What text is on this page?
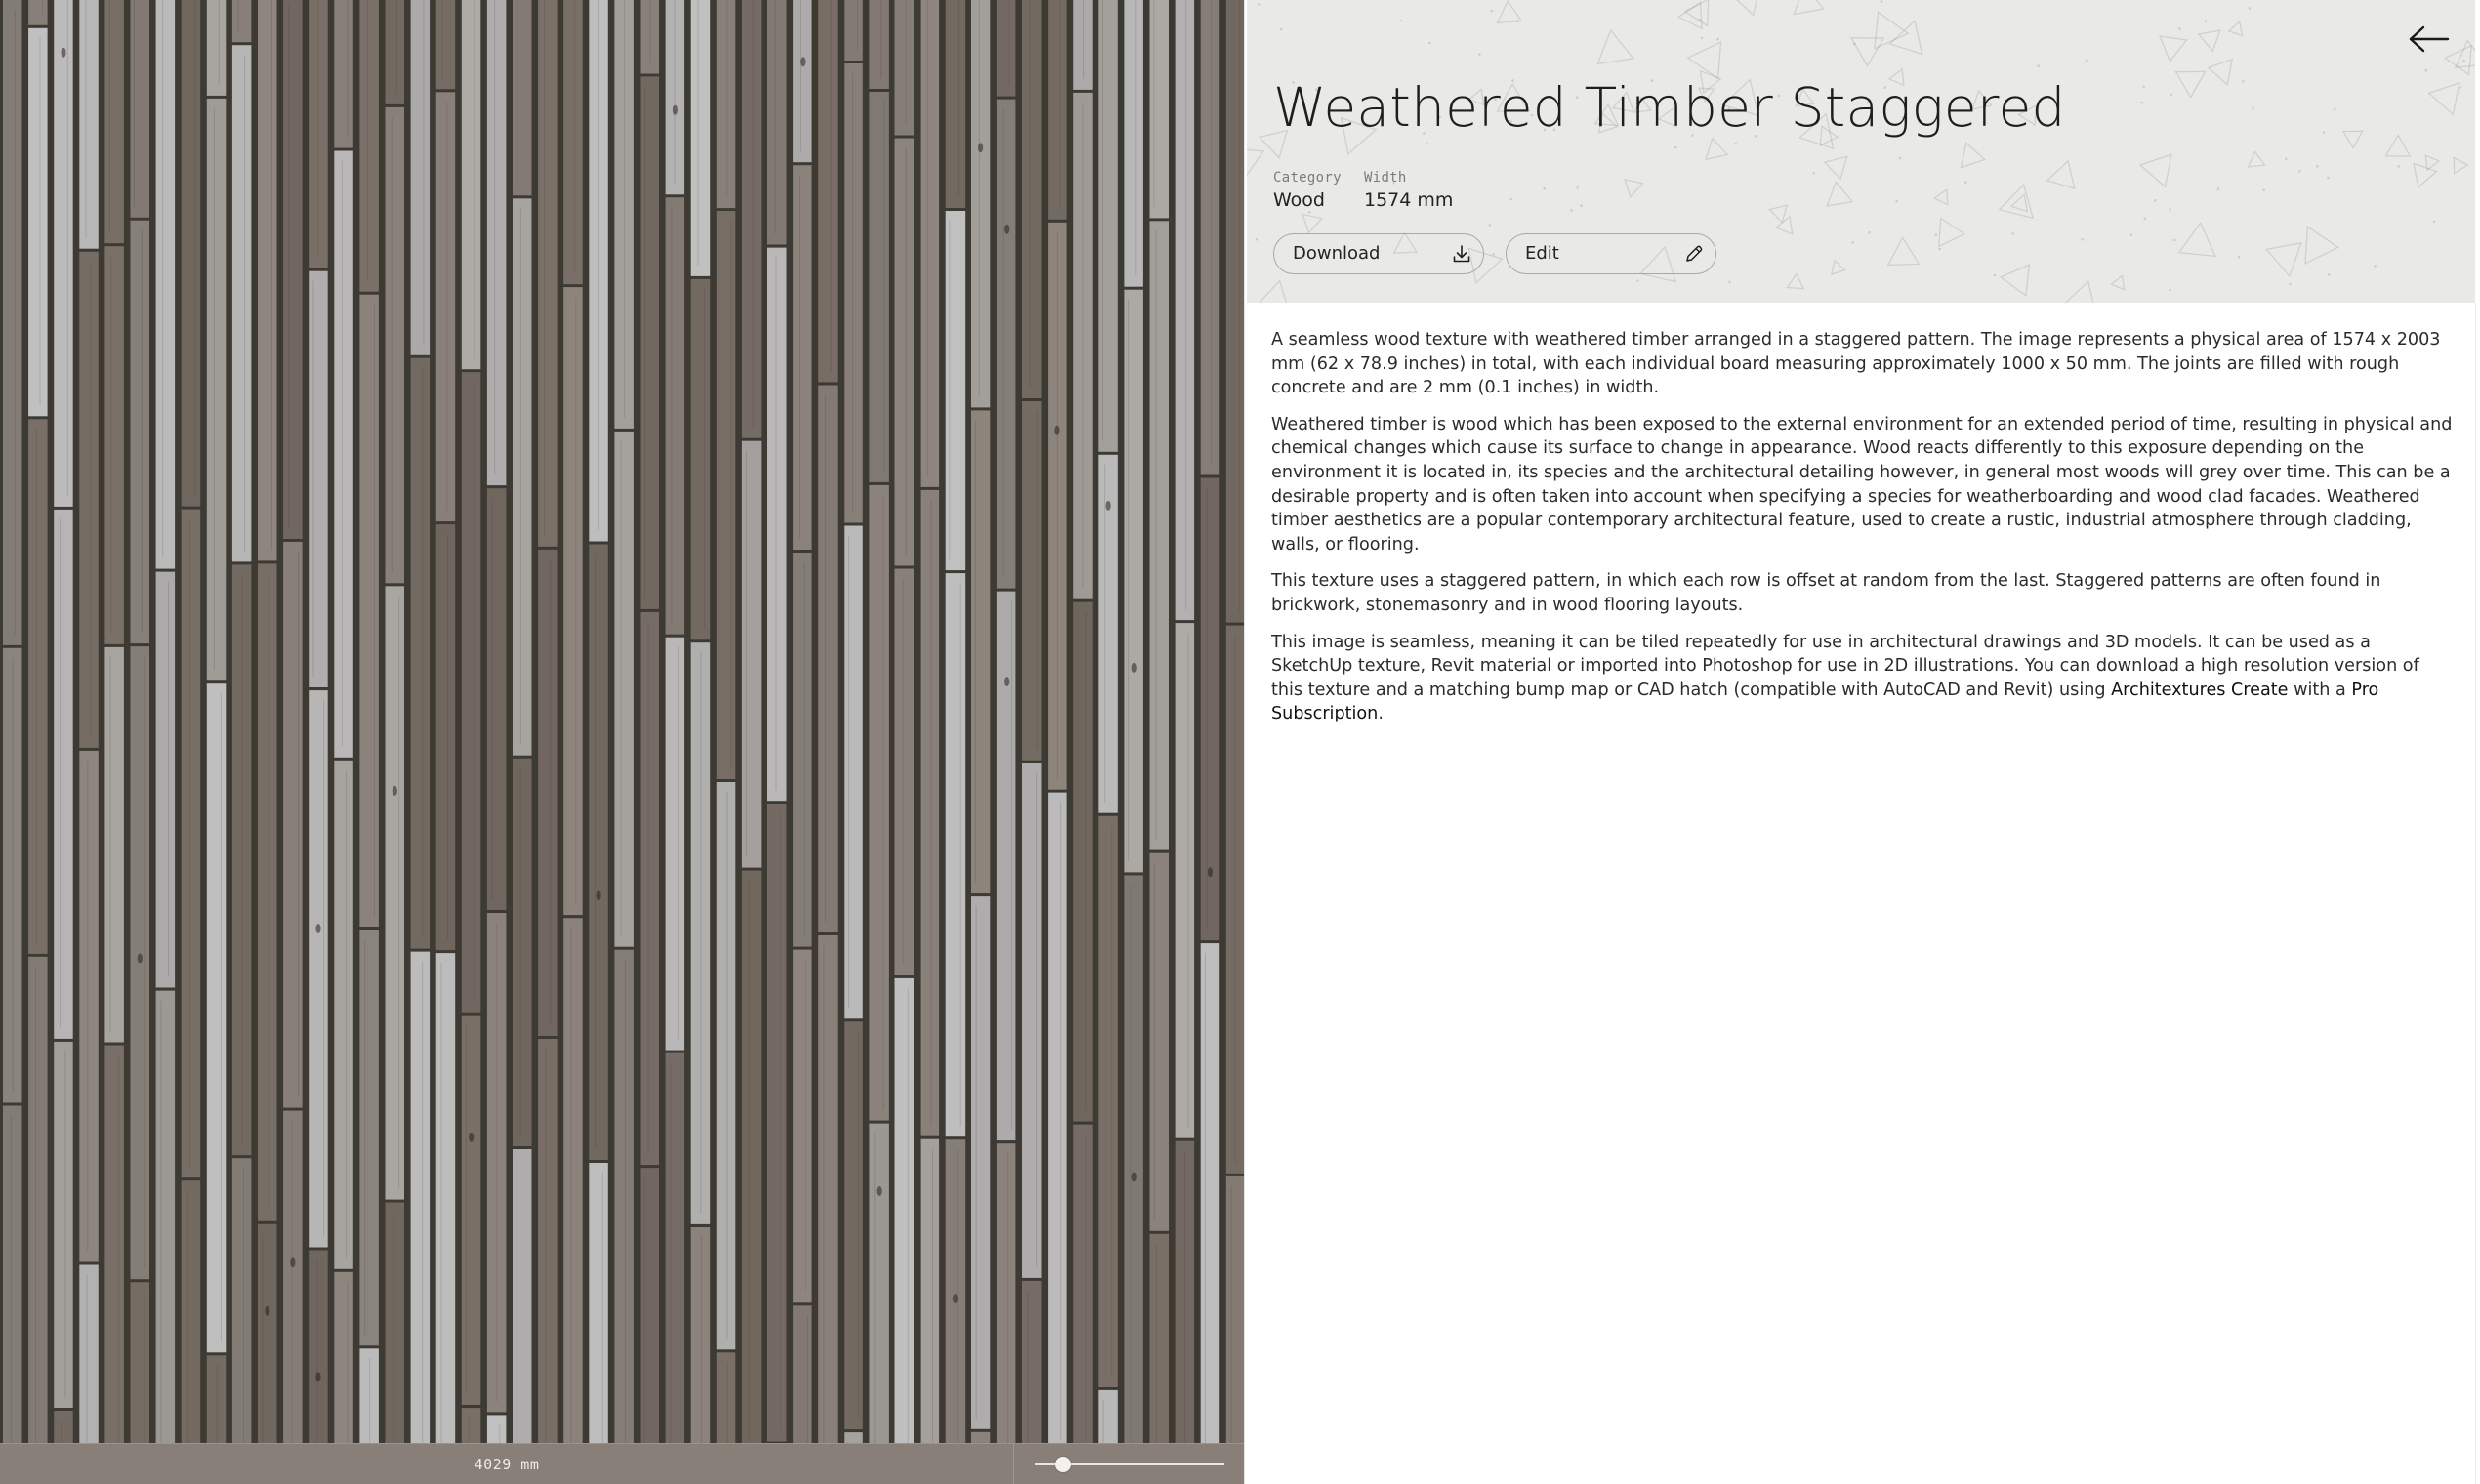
4029 mm
Weathered Timber Staggered
Category
Wood
Width
1574 mm
Download	Edit

A seamless wood texture with weathered timber arranged in a staggered pattern. The image represents a physical area of 1574 x 2003 mm (62 x 78.9 inches) in total, with each individual board measuring approximately 1000 x 50 mm. The joints are filled with rough concrete and are 2 mm (0.1 inches) in width.

Weathered timber is wood which has been exposed to the external environment for an extended period of time, resulting in physical and chemical changes which cause its surface to change in appearance. Wood reacts differently to this exposure depending on the environment it is located in, its species and the architectural detailing however, in general most woods will grey over time. This can be a desirable property and is often taken into account when specifying a species for weatherboarding and wood clad facades. Weathered timber aesthetics are a popular contemporary architectural feature, used to create a rustic, industrial atmosphere through cladding, walls, or flooring.

This texture uses a staggered pattern, in which each row is offset at random from the last. Staggered patterns are often found in brickwork, stonemasonry and in wood flooring layouts.

This image is seamless, meaning it can be tiled repeatedly for use in architectural drawings and 3D models. It can be used as a SketchUp texture, Revit material or imported into Photoshop for use in 2D illustrations. You can download a high resolution version of this texture and a matching bump map or CAD hatch (compatible with AutoCAD and Revit) using Architextures Create with a Pro Subscription.
